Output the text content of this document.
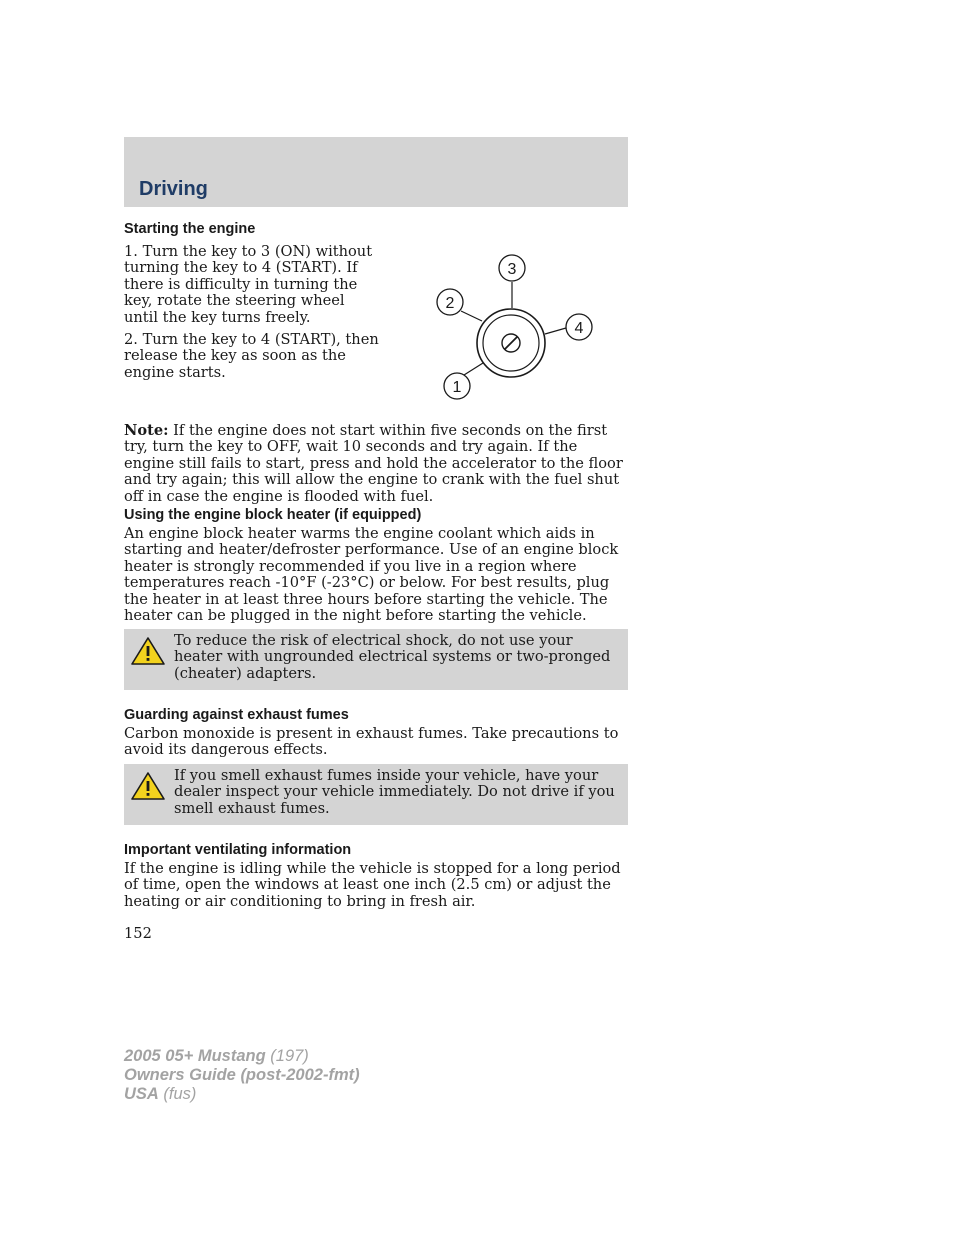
Driving
Starting the engine

1. Turn the key to 3 (ON) without turning the key to 4 (START). If there is difficulty in turning the key, rotate the steering wheel until the key turns freely.

2. Turn the key to 4 (START), then release the key as soon as the engine starts.

3
2
4
1

Note: If the engine does not start within five seconds on the first try, turn the key to OFF, wait 10 seconds and try again. If the engine still fails to start, press and hold the accelerator to the floor and try again; this will allow the engine to crank with the fuel shut off in case the engine is flooded with fuel.

Using the engine block heater (if equipped)

An engine block heater warms the engine coolant which aids in starting and heater/defroster performance. Use of an engine block heater is strongly recommended if you live in a region where temperatures reach -10°F (-23°C) or below. For best results, plug the heater in at least three hours before starting the vehicle. The heater can be plugged in the night before starting the vehicle.

To reduce the risk of electrical shock, do not use your heater with ungrounded electrical systems or two-pronged (cheater) adapters.

Guarding against exhaust fumes

Carbon monoxide is present in exhaust fumes. Take precautions to avoid its dangerous effects.

If you smell exhaust fumes inside your vehicle, have your dealer inspect your vehicle immediately. Do not drive if you smell exhaust fumes.

Important ventilating information

If the engine is idling while the vehicle is stopped for a long period of time, open the windows at least one inch (2.5 cm) or adjust the heating or air conditioning to bring in fresh air.

152
2005 05+ Mustang (197)
Owners Guide (post-2002-fmt)
USA (fus)
